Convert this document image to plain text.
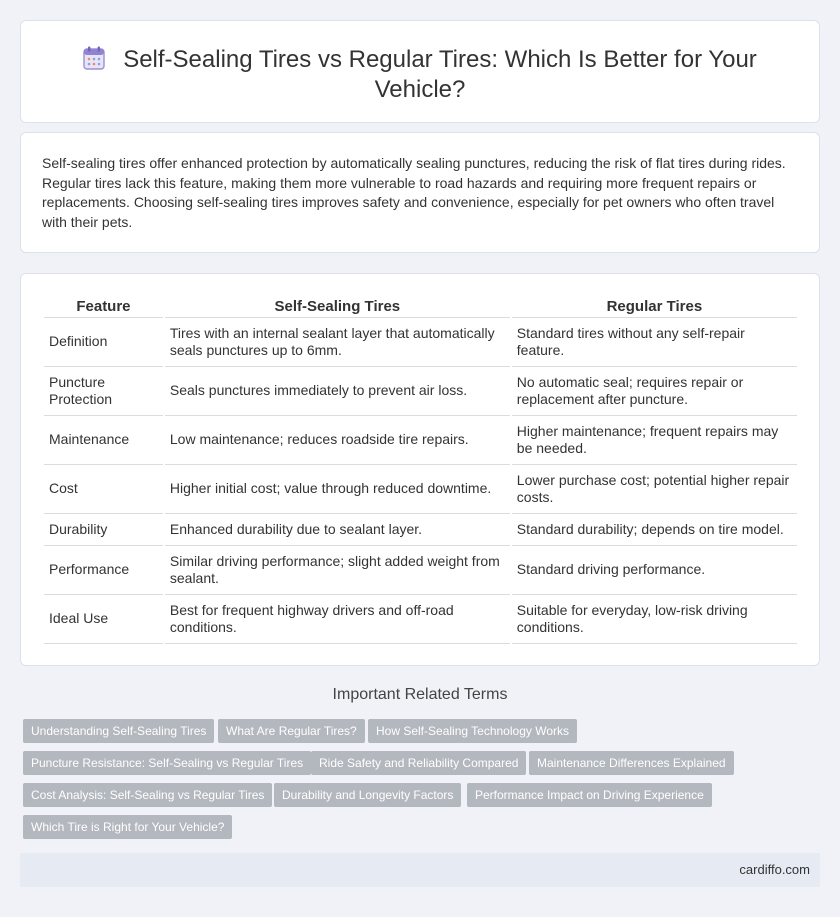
Self-Sealing Tires vs Regular Tires: Which Is Better for Your
Vehicle?

Self-sealing tires offer enhanced protection by automatically sealing punctures, reducing the risk of flat tires during rides. Regular tires lack this feature, making them more vulnerable to road hazards and requiring more frequent repairs or replacements. Choosing self-sealing tires improves safety and convenience, especially for pet owners who often travel with their pets.

Feature	Self-Sealing Tires	Regular Tires
Definition	Tires with an internal sealant layer that automatically seals punctures up to 6mm.	Standard tires without any self-repair feature.
Puncture Protection	Seals punctures immediately to prevent air loss.	No automatic seal; requires repair or replacement after puncture.
Maintenance	Low maintenance; reduces roadside tire repairs.	Higher maintenance; frequent repairs may be needed.
Cost	Higher initial cost; value through reduced downtime.	Lower purchase cost; potential higher repair costs.
Durability	Enhanced durability due to sealant layer.	Standard durability; depends on tire model.
Performance	Similar driving performance; slight added weight from sealant.	Standard driving performance.
Ideal Use	Best for frequent highway drivers and off-road conditions.	Suitable for everyday, low-risk driving conditions.
Important Related Terms
Understanding Self-Sealing Tires	What Are Regular Tires?	How Self-Sealing Technology Works
Puncture Resistance: Self-Sealing vs Regular Tires	Ride Safety and Reliability Compared	Maintenance Differences Explained
Cost Analysis: Self-Sealing vs Regular Tires	Durability and Longevity Factors	Performance Impact on Driving Experience
Which Tire is Right for Your Vehicle?
cardiffo.com
